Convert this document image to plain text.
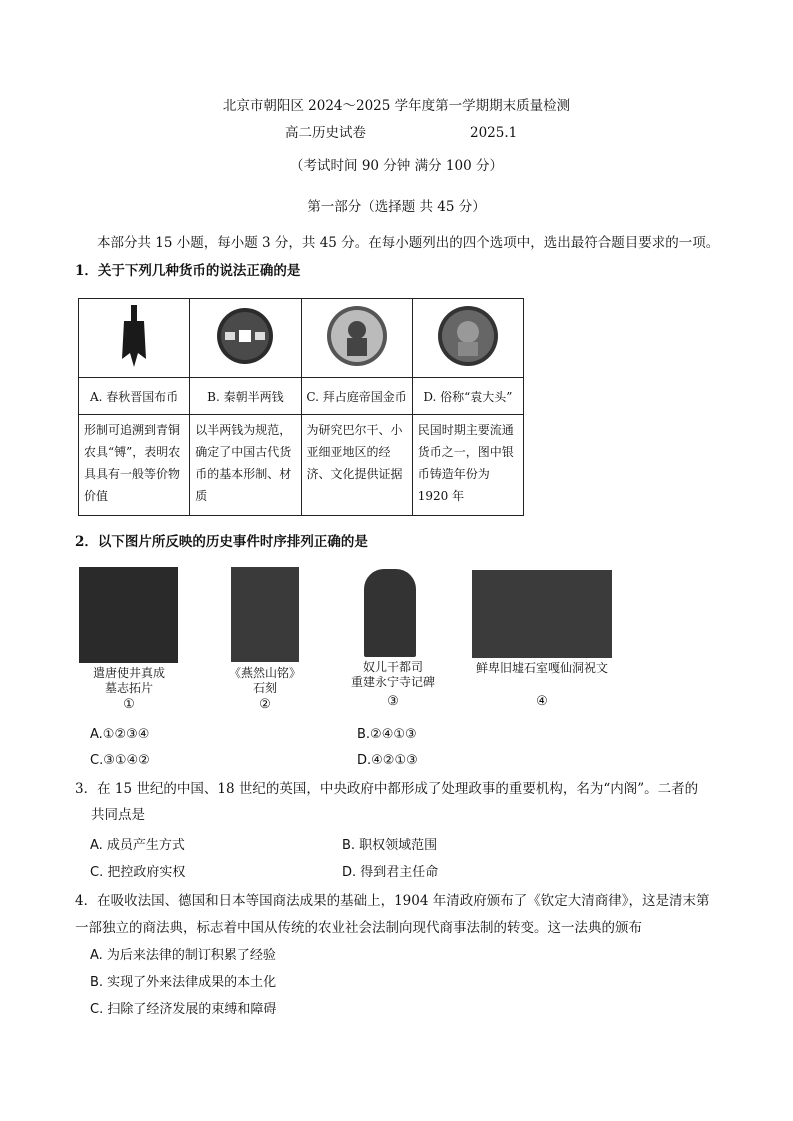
北京市朝阳区 2024～2025 学年度第一学期期末质量检测
高二历史试卷	2025.1
（考试时间 90 分钟 满分 100 分）
第一部分（选择题 共 45 分）
本部分共 15 小题，每小题 3 分，共 45 分。在每小题列出的四个选项中，选出最符合题目要求的一项。
1．关于下列几种货币的说法正确的是

A. 春秋晋国布币	B. 秦朝半两钱	C. 拜占庭帝国金币	D. 俗称“袁大头”
形制可追溯到青铜农具“镈”，表明农具具有一般等价物价值	以半两钱为规范，确定了中国古代货币的基本形制、材质	为研究巴尔干、小亚细亚地区的经济、文化提供证据	民国时期主要流通货币之一，图中银币铸造年份为 1920 年
2．以下图片所反映的历史事件时序排列正确的是
遣唐使井真成
墓志拓片
①
《燕然山铭》
石刻
②
奴儿干都司
重建永宁寺记碑
③
鲜卑旧墟石室嘎仙洞祝文
④
A.①②③④	B.②④①③
C.③①④②	D.④②①③
3．在 15 世纪的中国、18 世纪的英国，中央政府中都形成了处理政事的重要机构，名为“内阁”。二者的
共同点是
A. 成员产生方式	B. 职权领域范围
C. 把控政府实权	D. 得到君主任命
4．在吸收法国、德国和日本等国商法成果的基础上，1904 年清政府颁布了《钦定大清商律》，这是清末第
一部独立的商法典，标志着中国从传统的农业社会法制向现代商事法制的转变。这一法典的颁布
A. 为后来法律的制订积累了经验
B. 实现了外来法律成果的本土化
C. 扫除了经济发展的束缚和障碍
